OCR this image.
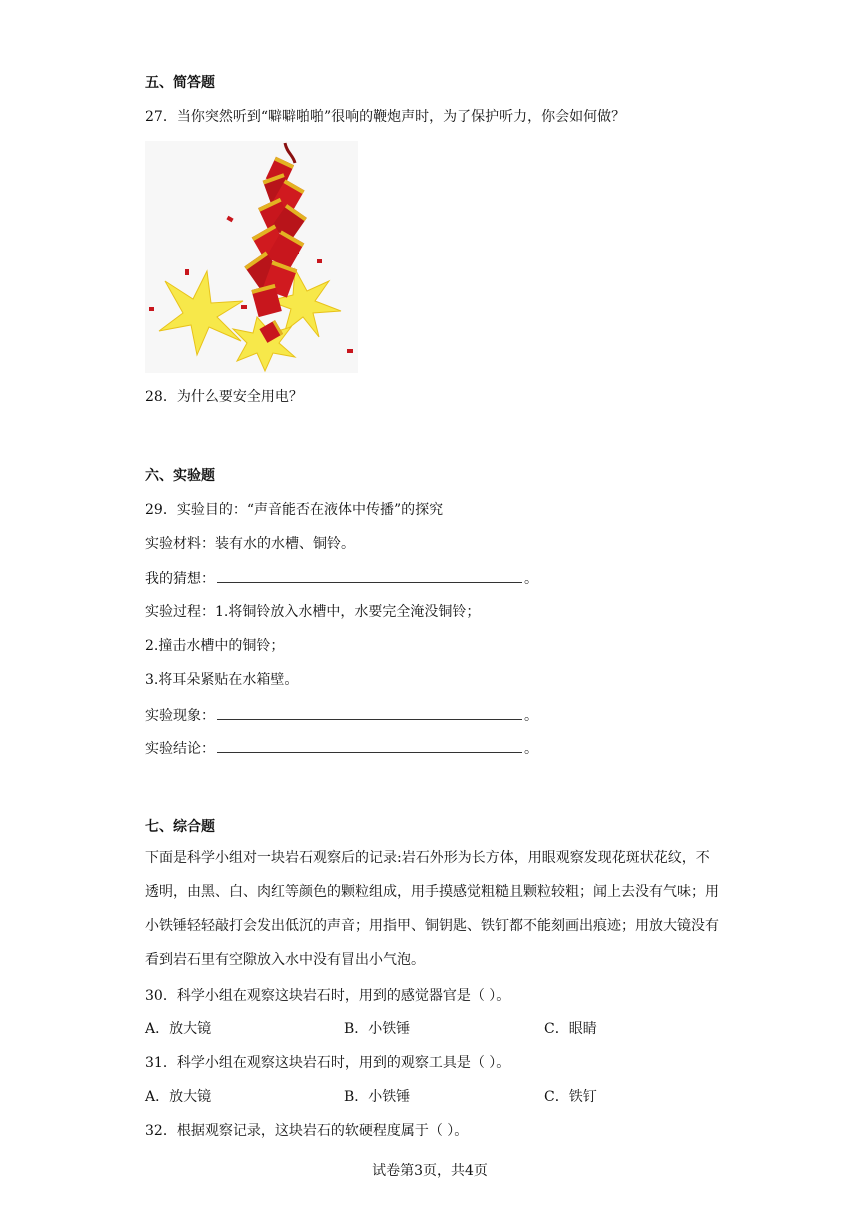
五、简答题
27．当你突然听到“噼噼啪啪”很响的鞭炮声时，为了保护听力，你会如何做？
28．为什么要安全用电？
六、实验题
29．实验目的：“声音能否在液体中传播”的探究
实验材料：装有水的水槽、铜铃。
我的猜想：	。
实验过程：1.将铜铃放入水槽中，水要完全淹没铜铃；
2.撞击水槽中的铜铃；
3.将耳朵紧贴在水箱壁。
实验现象：	。
实验结论：	。
七、综合题
下面是科学小组对一块岩石观察后的记录:岩石外形为长方体，用眼观察发现花斑状花纹，不透明，由黑、白、肉红等颜色的颗粒组成，用手摸感觉粗糙且颗粒较粗；闻上去没有气味；用小铁锤轻轻敲打会发出低沉的声音；用指甲、铜钥匙、铁钉都不能刻画出痕迹；用放大镜没有看到岩石里有空隙放入水中没有冒出小气泡。
30．科学小组在观察这块岩石时，用到的感觉器官是（ ）。
A．放大镜	B．小铁锤	C．眼睛
31．科学小组在观察这块岩石时，用到的观察工具是（ ）。
A．放大镜	B．小铁锤	C．铁钉
32．根据观察记录，这块岩石的软硬程度属于（ ）。
试卷第3页，共4页
